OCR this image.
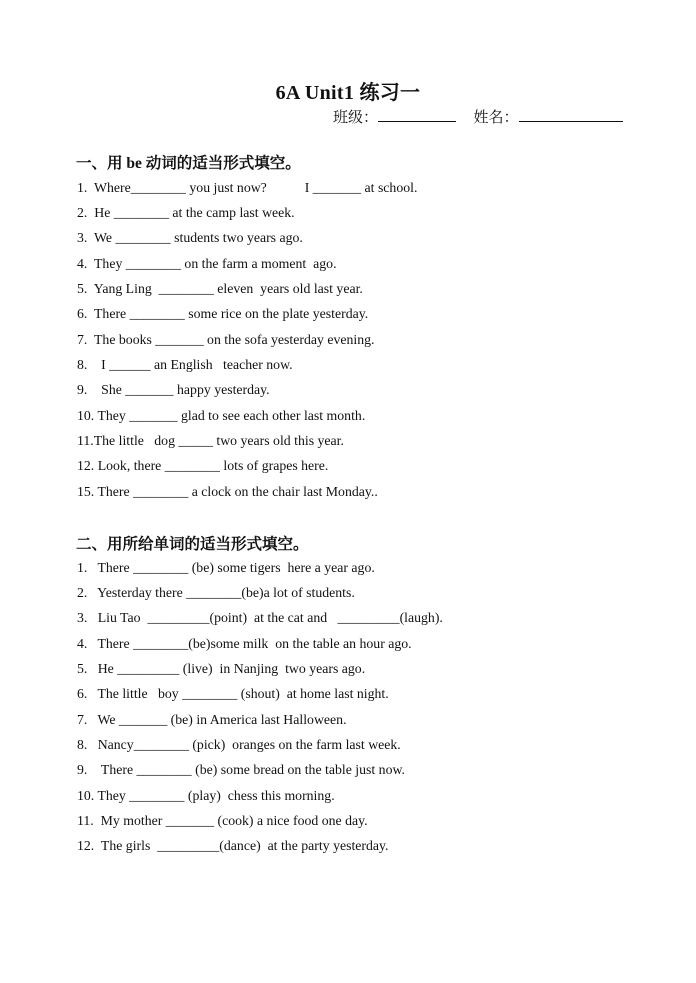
6A Unit1 练习一
班级：	姓名：
一、用 be 动词的适当形式填空。
1.  Where________ you just now?           I _______ at school.
2.  He ________ at the camp last week.
3.  We ________ students two years ago.
4.  They ________ on the farm a moment  ago.
5.  Yang Ling  ________ eleven  years old last year.
6.  There ________ some rice on the plate yesterday.
7.  The books _______ on the sofa yesterday evening.
8.    I ______ an English   teacher now.
9.    She _______ happy yesterday.
10. They _______ glad to see each other last month.
11.The little   dog _____ two years old this year.
12. Look, there ________ lots of grapes here.
15. There ________ a clock on the chair last Monday..
二、用所给单词的适当形式填空。
1.   There ________ (be) some tigers  here a year ago.
2.   Yesterday there ________(be)a lot of students.
3.   Liu Tao  _________(point)  at the cat and   _________(laugh).
4.   There ________(be)some milk  on the table an hour ago.
5.   He _________ (live)  in Nanjing  two years ago.
6.   The little   boy ________ (shout)  at home last night.
7.   We _______ (be) in America last Halloween.
8.   Nancy________ (pick)  oranges on the farm last week.
9.    There ________ (be) some bread on the table just now.
10. They ________ (play)  chess this morning.
11.  My mother _______ (cook) a nice food one day.
12.  The girls  _________(dance)  at the party yesterday.
